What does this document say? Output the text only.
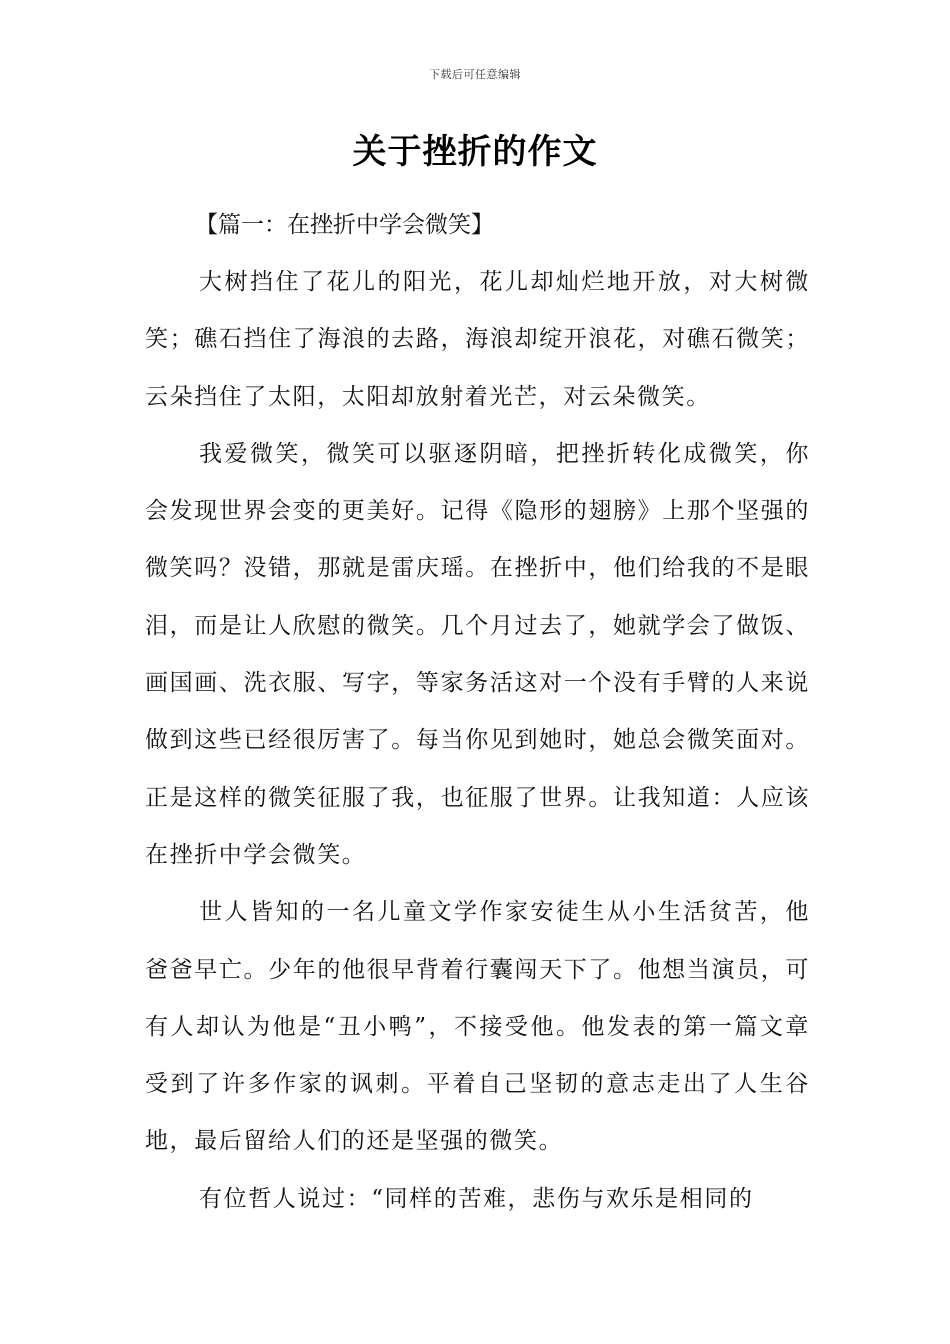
下载后可任意编辑
关于挫折的作文

【篇一：在挫折中学会微笑】

大树挡住了花儿的阳光，花儿却灿烂地开放，对大树微笑；礁石挡住了海浪的去路，海浪却绽开浪花，对礁石微笑；云朵挡住了太阳，太阳却放射着光芒，对云朵微笑。

我爱微笑，微笑可以驱逐阴暗，把挫折转化成微笑，你会发现世界会变的更美好。记得《隐形的翅膀》上那个坚强的微笑吗？没错，那就是雷庆瑶。在挫折中，他们给我的不是眼泪，而是让人欣慰的微笑。几个月过去了，她就学会了做饭、画国画、洗衣服、写字，等家务活这对一个没有手臂的人来说做到这些已经很厉害了。每当你见到她时，她总会微笑面对。正是这样的微笑征服了我，也征服了世界。让我知道：人应该在挫折中学会微笑。

世人皆知的一名儿童文学作家安徒生从小生活贫苦，他爸爸早亡。少年的他很早背着行囊闯天下了。他想当演员，可有人却认为他是“丑小鸭”，不接受他。他发表的第一篇文章受到了许多作家的讽刺。平着自己坚韧的意志走出了人生谷地，最后留给人们的还是坚强的微笑。

有位哲人说过：“同样的苦难，悲伤与欢乐是相同的
